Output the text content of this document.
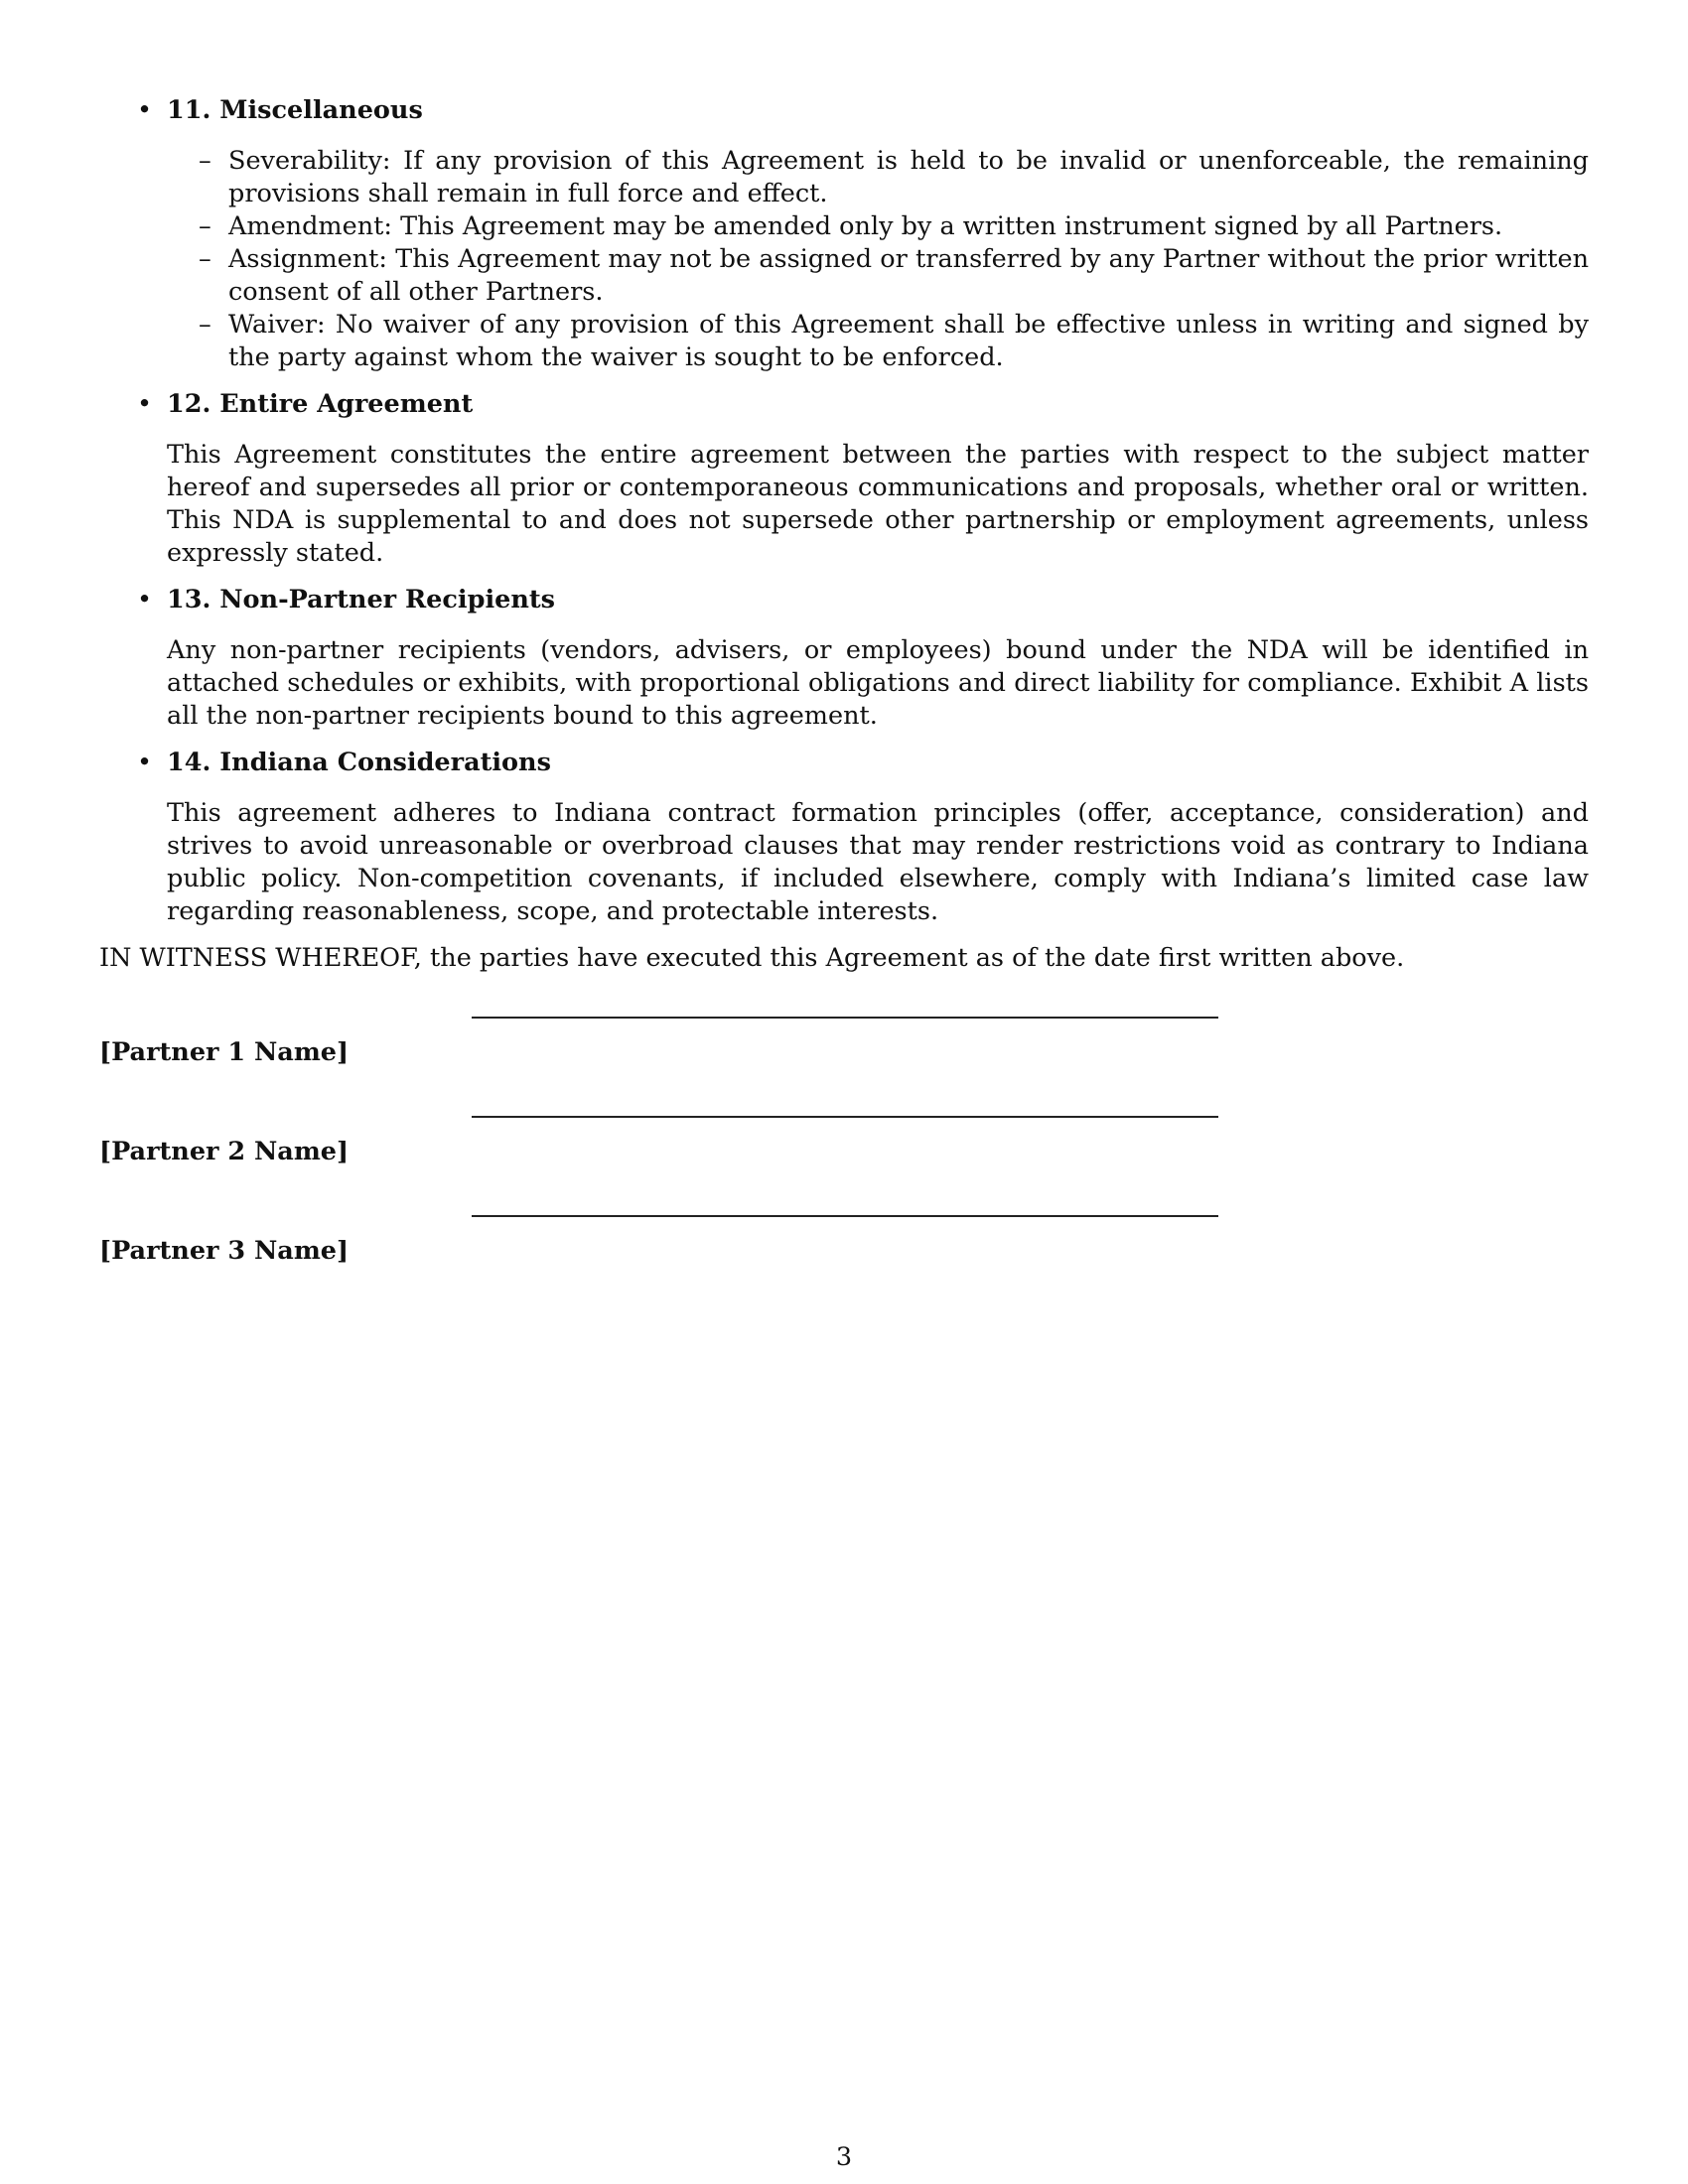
• 11. Miscellaneous
– Severability: If any provision of this Agreement is held to be invalid or unenforceable, the remaining provisions shall remain in full force and effect.
– Amendment: This Agreement may be amended only by a written instrument signed by all Partners.
– Assignment: This Agreement may not be assigned or transferred by any Partner without the prior written consent of all other Partners.
– Waiver: No waiver of any provision of this Agreement shall be effective unless in writing and signed by the party against whom the waiver is sought to be enforced.
• 12. Entire Agreement
This Agreement constitutes the entire agreement between the parties with respect to the subject matter hereof and supersedes all prior or contemporaneous communications and proposals, whether oral or written. This NDA is supplemental to and does not supersede other partnership or employment agreements, unless expressly stated.
• 13. Non-Partner Recipients
Any non-partner recipients (vendors, advisers, or employees) bound under the NDA will be identified in attached schedules or exhibits, with proportional obligations and direct liability for compliance. Exhibit A lists all the non-partner recipients bound to this agreement.
• 14. Indiana Considerations
This agreement adheres to Indiana contract formation principles (offer, acceptance, consideration) and strives to avoid unreasonable or overbroad clauses that may render restrictions void as contrary to Indiana public policy. Non-competition covenants, if included elsewhere, comply with Indiana’s limited case law regarding reasonableness, scope, and protectable interests.
IN WITNESS WHEREOF, the parties have executed this Agreement as of the date first written above.
[Partner 1 Name]
[Partner 2 Name]
[Partner 3 Name]
3
